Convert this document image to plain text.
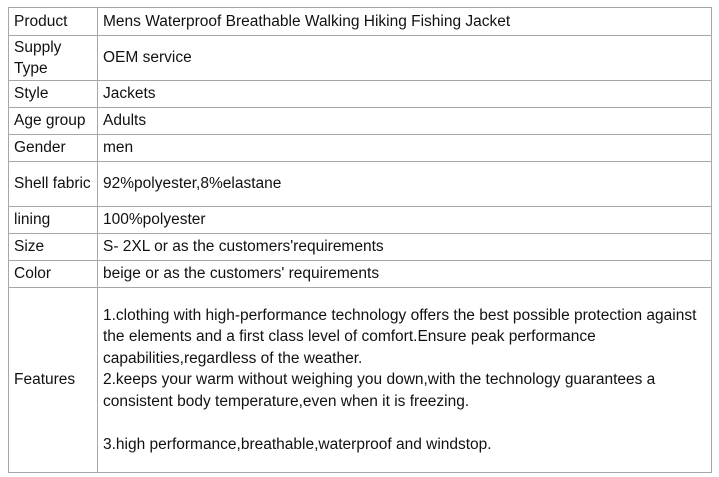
Product	Mens Waterproof Breathable Walking Hiking Fishing Jacket
Supply Type	OEM service
Style	Jackets
Age group	Adults
Gender	men
Shell fabric	92%polyester,8%elastane
lining	100%polyester
Size	S- 2XL or as the customers'requirements
Color	beige or as the customers' requirements
Features	1.clothing with high-performance technology offers the best possible protection against the elements and a first class level of comfort.Ensure peak performance capabilities,regardless of the weather.

2.keeps your warm without weighing you down,with the technology guarantees a consistent body temperature,even when it is freezing.

3.high performance,breathable,waterproof and windstop.
